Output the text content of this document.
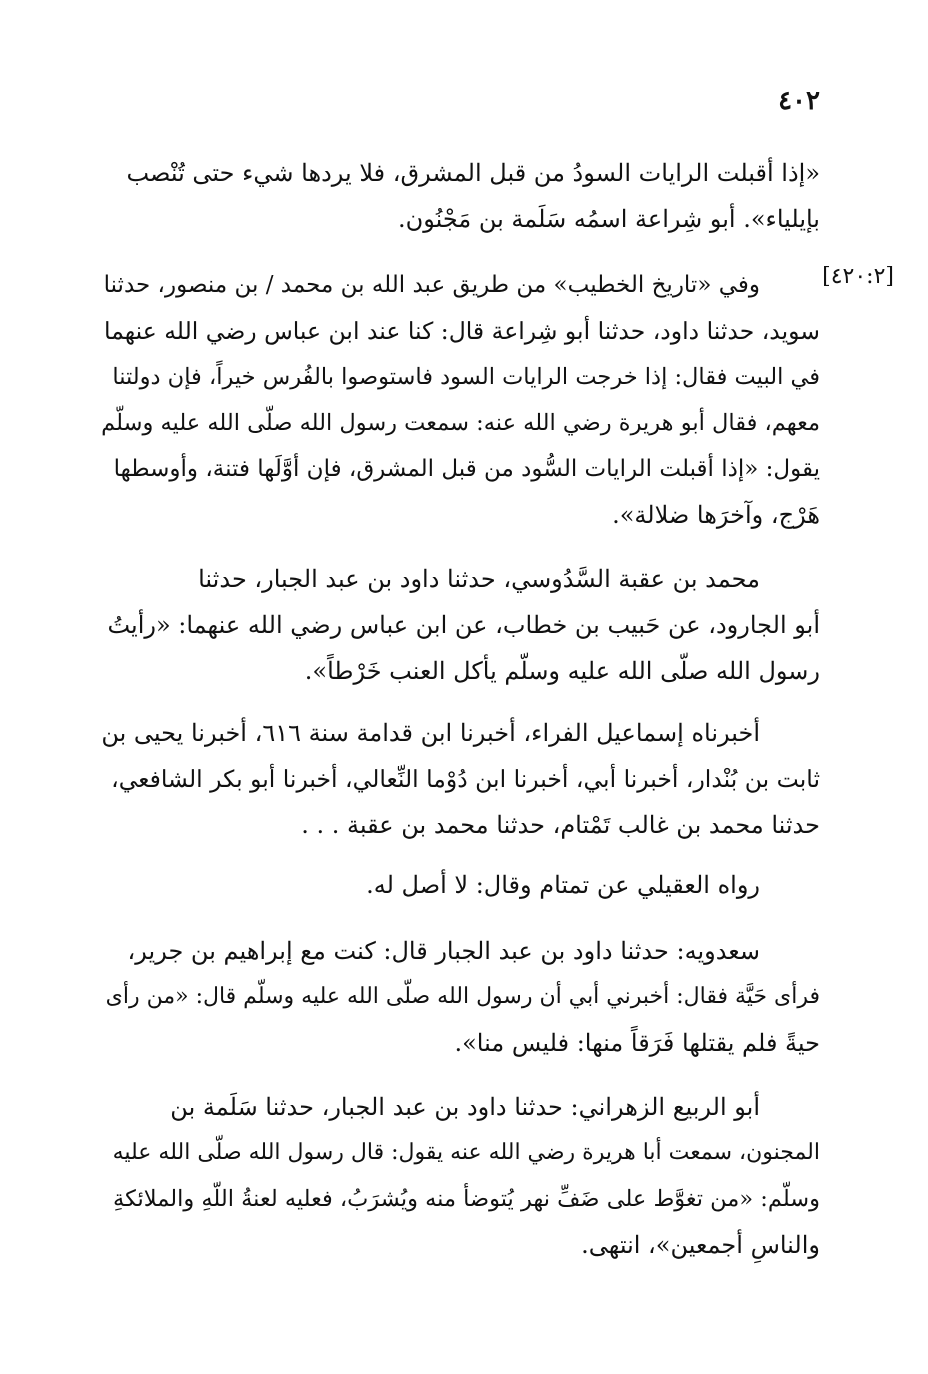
٤٠٢
[٤٢٠:٢]

«إذا أقبلت الرايات السودُ من قبل المشرق، فلا يردها شيء حتى تُنْصب
بإيلياء». أبو شِراعة اسمُه سَلَمة بن مَجْنُون.

وفي «تاريخ الخطيب» من طريق عبد الله بن محمد / بن منصور، حدثنا
سويد، حدثنا داود، حدثنا أبو شِراعة قال: كنا عند ابن عباس رضي الله عنهما
في البيت فقال: إذا خرجت الرايات السود فاستوصوا بالفُرس خيراً، فإن دولتنا
معهم، فقال أبو هريرة رضي الله عنه: سمعت رسول الله صلّى الله عليه وسلّم
يقول: «إذا أقبلت الرايات السُّود من قبل المشرق، فإن أوَّلَها فتنة، وأوسطها
هَرْج، وآخرَها ضلالة».

محمد بن عقبة السَّدُوسي، حدثنا داود بن عبد الجبار، حدثنا
أبو الجارود، عن حَبيب بن خطاب، عن ابن عباس رضي الله عنهما: «رأيتُ
رسول الله صلّى الله عليه وسلّم يأكل العنب خَرْطاً».

أخبرناه إسماعيل الفراء، أخبرنا ابن قدامة سنة ٦١٦، أخبرنا يحيى بن
ثابت بن بُنْدار، أخبرنا أبي، أخبرنا ابن دُوْما النِّعالي، أخبرنا أبو بكر الشافعي،
حدثنا محمد بن غالب تَمْتام، حدثنا محمد بن عقبة . . .

رواه العقيلي عن تمتام وقال: لا أصل له.

سعدويه: حدثنا داود بن عبد الجبار قال: كنت مع إبراهيم بن جرير،
فرأى حَيَّة فقال: أخبرني أبي أن رسول الله صلّى الله عليه وسلّم قال: «من رأى
حيةً فلم يقتلها فَرَقاً منها: فليس منا».

أبو الربيع الزهراني: حدثنا داود بن عبد الجبار، حدثنا سَلَمة بن
المجنون، سمعت أبا هريرة رضي الله عنه يقول: قال رسول الله صلّى الله عليه
وسلّم: «من تغوَّط على ضَفِّ نهر يُتوضأ منه ويُشرَبُ، فعليه لعنةُ اللّهِ والملائكةِ
والناسِ أجمعين»، انتهى.
